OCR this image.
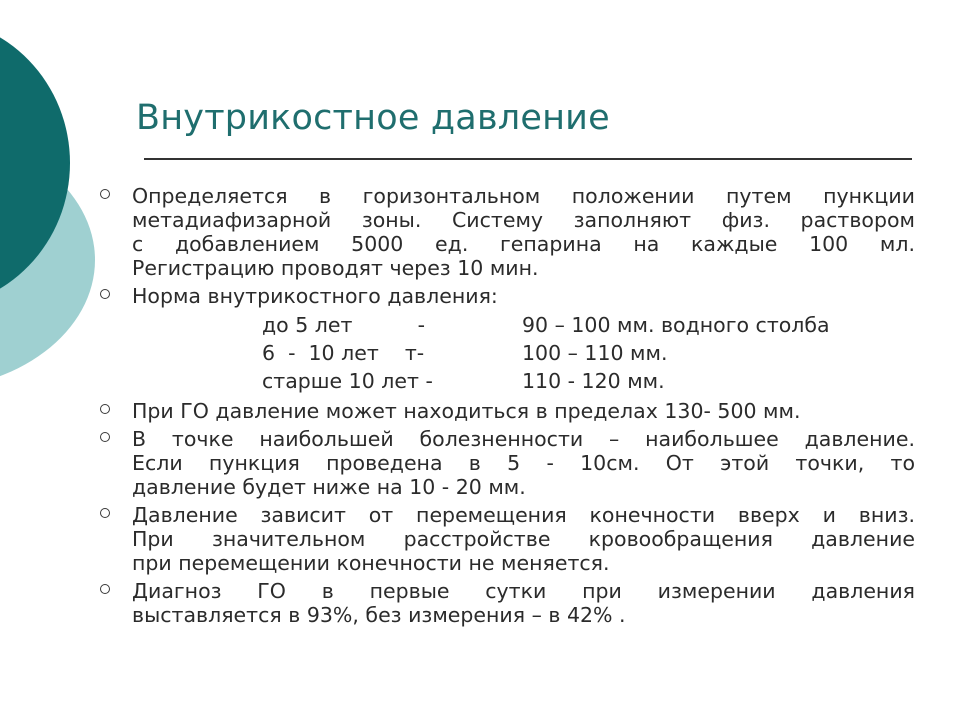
Внутрикостное давление
Определяется в горизонтальном положении путем пункции
метадиафизарной зоны. Систему заполняют физ. раствором
с добавлением 5000 ед. гепарина на каждые 100 мл.
Регистрацию проводят через 10 мин.
Норма внутрикостного давления:
до 5 лет          -	90 – 100 мм. водного столба
6  -  10 лет    т-	100 – 110 мм.
старше 10 лет -	110 - 120 мм.
При ГО давление может находиться в пределах 130- 500 мм.
В точке наибольшей болезненности – наибольшее давление.
Если пункция проведена в 5 - 10см. От этой точки, то
давление будет ниже на 10 - 20 мм.
Давление зависит от перемещения конечности вверх и вниз.
При значительном расстройстве кровообращения давление
при перемещении конечности не меняется.
Диагноз ГО в первые сутки при измерении давления
выставляется в 93%, без измерения – в 42% .
